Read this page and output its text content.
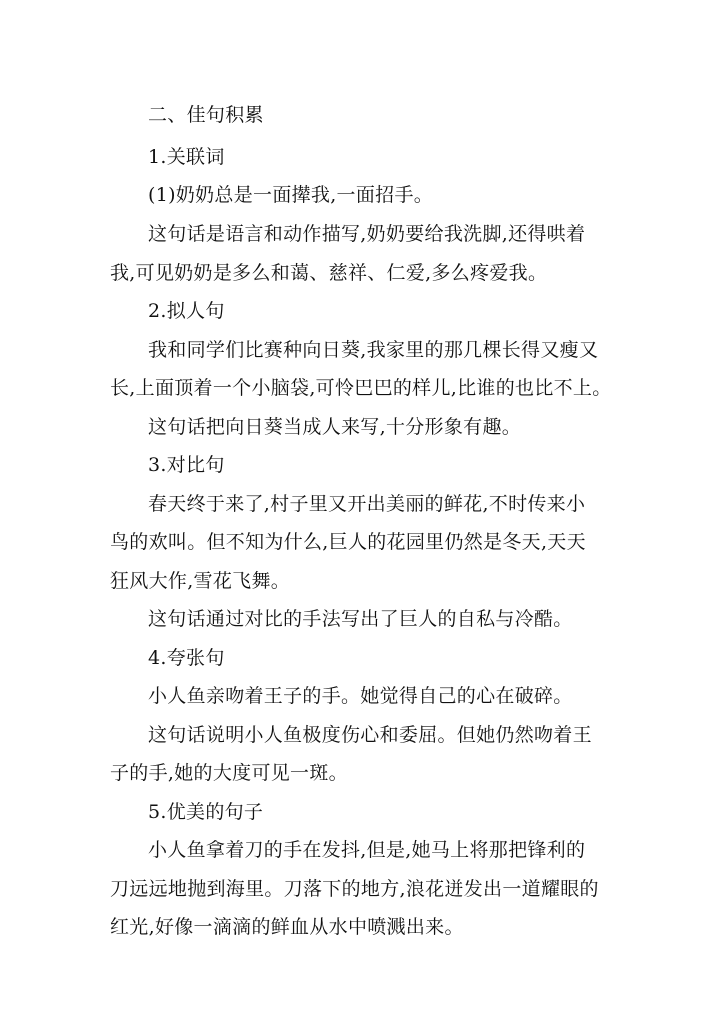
二、佳句积累
1.关联词
(1)奶奶总是一面撵我,一面招手。
这句话是语言和动作描写,奶奶要给我洗脚,还得哄着
我,可见奶奶是多么和蔼、慈祥、仁爱,多么疼爱我。
2.拟人句
我和同学们比赛种向日葵,我家里的那几棵长得又瘦又
长,上面顶着一个小脑袋,可怜巴巴的样儿,比谁的也比不上。
这句话把向日葵当成人来写,十分形象有趣。
3.对比句
春天终于来了,村子里又开出美丽的鲜花,不时传来小
鸟的欢叫。但不知为什么,巨人的花园里仍然是冬天,天天
狂风大作,雪花飞舞。
这句话通过对比的手法写出了巨人的自私与冷酷。
4.夸张句
小人鱼亲吻着王子的手。她觉得自己的心在破碎。
这句话说明小人鱼极度伤心和委屈。但她仍然吻着王
子的手,她的大度可见一斑。
5.优美的句子
小人鱼拿着刀的手在发抖,但是,她马上将那把锋利的
刀远远地抛到海里。刀落下的地方,浪花迸发出一道耀眼的
红光,好像一滴滴的鲜血从水中喷溅出来。
